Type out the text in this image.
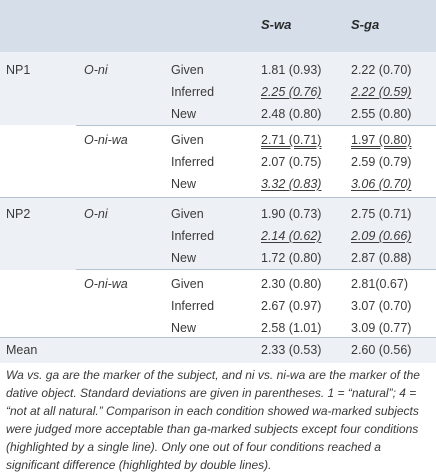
S-wa	S-ga
NP1	O-ni	Given	1.81 (0.93) 2.22 (0.70)
Inferred	2.25 (0.76) 2.22 (0.59)
New	2.48 (0.80) 2.55 (0.80)
O-ni-wa	Given	2.71 (0.71) 1.97 (0.80)
Inferred	2.07 (0.75) 2.59 (0.79)
New	3.32 (0.83) 3.06 (0.70)
NP2	O-ni	Given	1.90 (0.73) 2.75 (0.71)
Inferred	2.14 (0.62) 2.09 (0.66)
New	1.72 (0.80) 2.87 (0.88)
O-ni-wa	Given	2.30 (0.80) 2.81(0.67)
Inferred	2.67 (0.97) 3.07 (0.70)
New	2.58 (1.01) 3.09 (0.77)
Mean	2.33 (0.53) 2.60 (0.56)
Wa vs. ga are the marker of the subject, and ni vs. ni-wa are the marker of the dative object. Standard deviations are given in parentheses. 1 = “natural”; 4 = “not at all natural.” Comparison in each condition showed wa-marked subjects were judged more acceptable than ga-marked subjects except four conditions (highlighted by a single line). Only one out of four conditions reached a significant difference (highlighted by double lines).
